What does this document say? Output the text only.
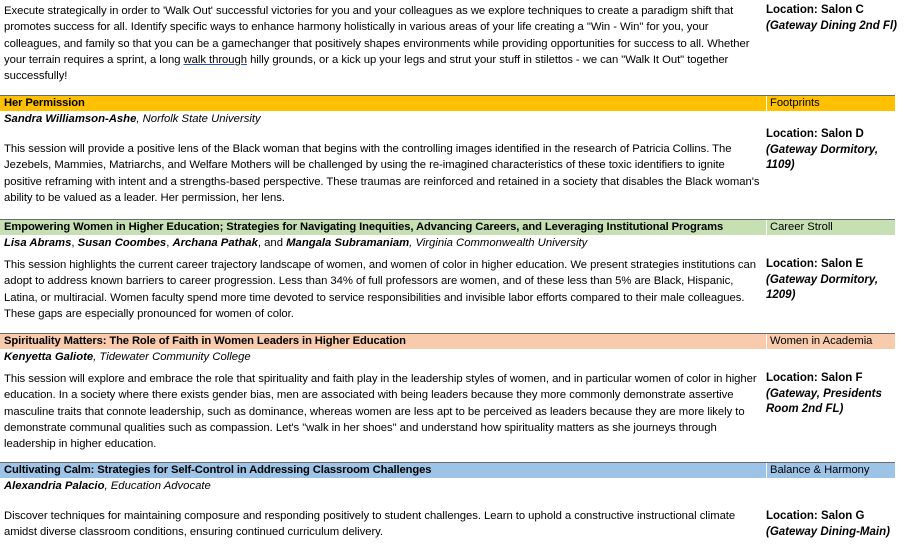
Execute strategically in order to 'Walk Out' successful victories for you and your colleagues as we explore techniques to create a paradigm shift that promotes success for all. Identify specific ways to enhance harmony holistically in various areas of your life creating a "Win - Win" for you, your colleagues, and family so that you can be a gamechanger that positively shapes environments while providing opportunities for success to all. Whether your terrain requires a sprint, a long walk through hilly grounds, or a kick up your legs and strut your stuff in stilettos - we can "Walk It Out" together successfully!
Location: Salon C
(Gateway Dining 2nd Fl)
Her Permission	Footprints
Sandra Williamson-Ashe, Norfolk State University
This session will provide a positive lens of the Black woman that begins with the controlling images identified in the research of Patricia Collins. The Jezebels, Mammies, Matriarchs, and Welfare Mothers will be challenged by using the re-imagined characteristics of these toxic identifiers to ignite positive reframing with intent and a strengths-based perspective. These traumas are reinforced and retained in a society that disables the Black woman's ability to be valued as a leader. Her permission, her lens.
Location: Salon D
(Gateway Dormitory, 1109)
Empowering Women in Higher Education; Strategies for Navigating Inequities, Advancing Careers, and Leveraging Institutional Programs	Career Stroll
Lisa Abrams, Susan Coombes, Archana Pathak, and Mangala Subramaniam, Virginia Commonwealth University
This session highlights the current career trajectory landscape of women, and women of color in higher education. We present strategies institutions can adopt to address known barriers to career progression. Less than 34% of full professors are women, and of these less than 5% are Black, Hispanic, Latina, or multiracial. Women faculty spend more time devoted to service responsibilities and invisible labor efforts compared to their male colleagues. These gaps are especially pronounced for women of color.
Location: Salon E
(Gateway Dormitory, 1209)
Spirituality Matters: The Role of Faith in Women Leaders in Higher Education	Women in Academia
Kenyetta Galiote, Tidewater Community College
This session will explore and embrace the role that spirituality and faith play in the leadership styles of women, and in particular women of color in higher education. In a society where there exists gender bias, men are associated with being leaders because they more commonly demonstrate assertive masculine traits that connote leadership, such as dominance, whereas women are less apt to be perceived as leaders because they are more likely to demonstrate communal qualities such as compassion. Let's "walk in her shoes" and understand how spirituality matters as she journeys through leadership in higher education.
Location: Salon F
(Gateway, Presidents Room 2nd FL)
Cultivating Calm: Strategies for Self-Control in Addressing Classroom Challenges	Balance & Harmony
Alexandria Palacio, Education Advocate
Discover techniques for maintaining composure and responding positively to student challenges. Learn to uphold a constructive instructional climate amidst diverse classroom conditions, ensuring continued curriculum delivery.
Location: Salon G
(Gateway Dining-Main)
